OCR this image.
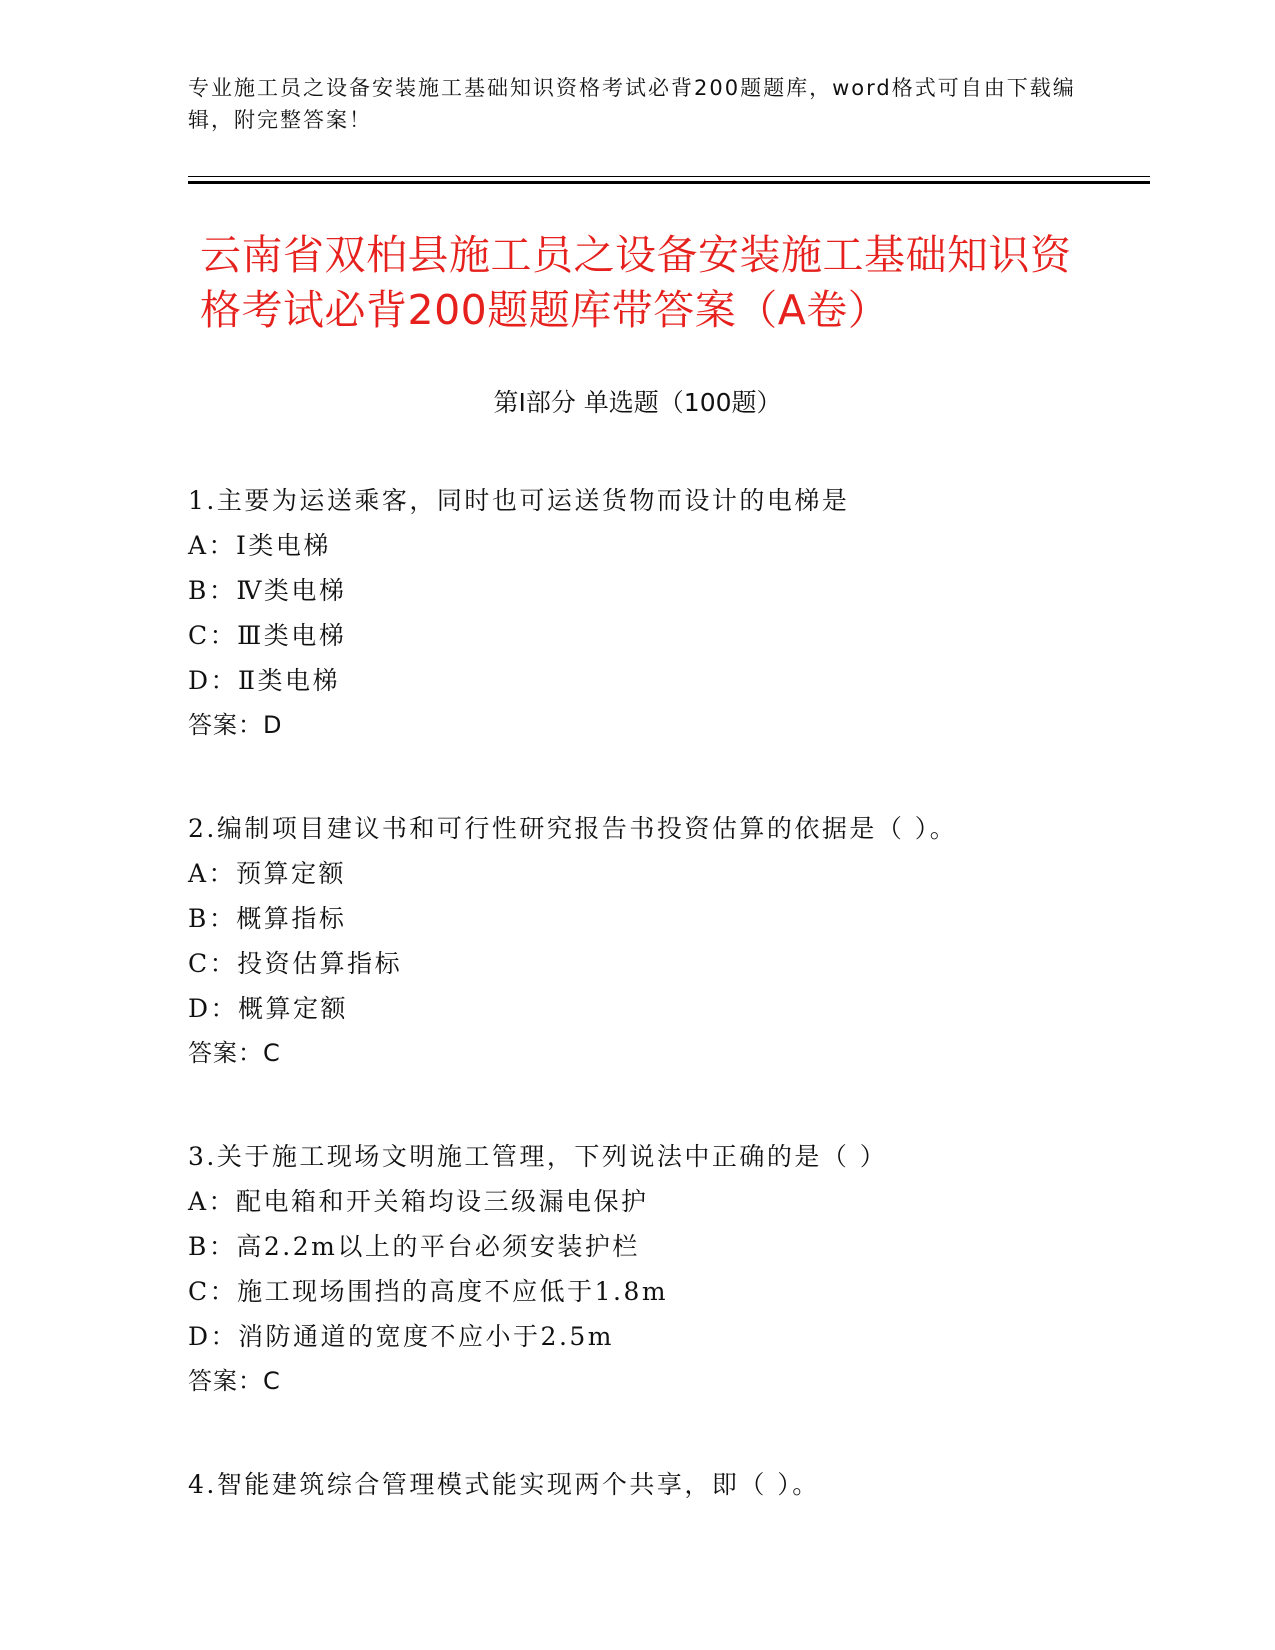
专业施工员之设备安装施工基础知识资格考试必背200题题库，word格式可自由下载编辑，附完整答案！
云南省双柏县施工员之设备安装施工基础知识资格考试必背200题题库带答案（A卷）
第Ⅰ部分 单选题（100题）
1.主要为运送乘客，同时也可运送货物而设计的电梯是
A：Ⅰ类电梯
B：Ⅳ类电梯
C：Ⅲ类电梯
D：Ⅱ类电梯
答案：D
2.编制项目建议书和可行性研究报告书投资估算的依据是（ ）。
A：预算定额
B：概算指标
C：投资估算指标
D：概算定额
答案：C
3.关于施工现场文明施工管理，下列说法中正确的是（ ）
A：配电箱和开关箱均设三级漏电保护
B：高2.2m以上的平台必须安装护栏
C：施工现场围挡的高度不应低于1.8m
D：消防通道的宽度不应小于2.5m
答案：C
4.智能建筑综合管理模式能实现两个共享，即（ ）。
